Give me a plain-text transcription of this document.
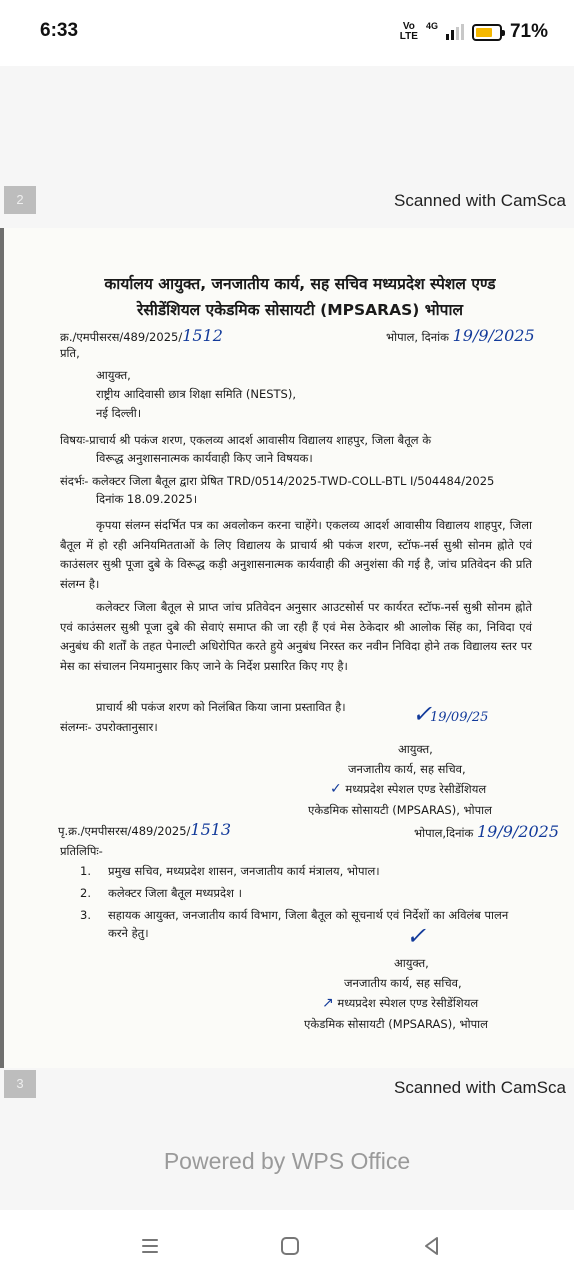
6:33	Vo
LTE
4G	71%
2	Scanned with CamSca
कार्यालय आयुक्त, जनजातीय कार्य, सह सचिव मध्यप्रदेश स्पेशल एण्ड
रेसीडेंशियल एकेडमिक सोसायटी (MPSARAS) भोपाल
क्र./एमपीसरस/489/2025/1512	भोपाल, दिनांक 19/9/2025
प्रति,
आयुक्त,
राष्ट्रीय आदिवासी छात्र शिक्षा समिति (NESTS),
नई दिल्ली।
विषयः-प्राचार्य श्री पकंज शरण, एकलव्य आदर्श आवासीय विद्यालय शाहपुर, जिला बैतूल के
विरूद्ध अनुशासनात्मक कार्यवाही किए जाने विषयक।
संदर्भः- कलेक्टर जिला बैतूल द्वारा प्रेषित TRD/0514/2025-TWD-COLL-BTL I/504484/2025
दिनांक 18.09.2025।
कृपया संलग्न संदर्भित पत्र का अवलोकन करना चाहेंगे। एकलव्य आदर्श आवासीय विद्यालय शाहपुर, जिला बैतूल में हो रही अनियमितताओं के लिए विद्यालय के प्राचार्य श्री पकंज शरण, स्टॉफ-नर्स सुश्री सोनम ह्नोते एवं काउंसलर सुश्री पूजा दुबे के विरूद्ध कड़ी अनुशासनात्मक कार्यवाही की अनुशंसा की गई है, जांच प्रतिवेदन की प्रति संलग्न है।
कलेक्टर जिला बैतूल से प्राप्त जांच प्रतिवेदन अनुसार आउटसोर्स पर कार्यरत स्टॉफ-नर्स सुश्री सोनम ह्नोते एवं काउंसलर सुश्री पूजा दुबे की सेवाएं समाप्त की जा रही हैं एवं मेस ठेकेदार श्री आलोक सिंह का, निविदा एवं अनुबंध की शर्तों के तहत पेनाल्टी अधिरोपित करते हुये अनुबंध निरस्त कर नवीन निविदा होने तक विद्यालय स्तर पर मेस का संचालन नियमानुसार किए जाने के निर्देश प्रसारित किए गए है।
प्राचार्य श्री पकंज शरण को निलंबित किया जाना प्रस्तावित है।
संलग्नः- उपरोक्तानुसार।	✓
19/09/25
आयुक्त,
जनजातीय कार्य, सह सचिव,
✓ मध्यप्रदेश स्पेशल एण्ड रेसीडेंशियल
एकेडमिक सोसायटी (MPSARAS), भोपाल
पृ.क्र./एमपीसरस/489/2025/1513	भोपाल,दिनांक 19/9/2025
प्रतिलिपिः-
1. प्रमुख सचिव, मध्यप्रदेश शासन, जनजातीय कार्य मंत्रालय, भोपाल।
2. कलेक्टर जिला बैतूल मध्यप्रदेश ।
3. सहायक आयुक्त, जनजातीय कार्य विभाग, जिला बैतूल को सूचनार्थ एवं निर्देशों का अविलंब पालन करने हेतु।	✓
आयुक्त,
जनजातीय कार्य, सह सचिव,
↗ मध्यप्रदेश स्पेशल एण्ड रेसीडेंशियल
एकेडमिक सोसायटी (MPSARAS), भोपाल
3	Scanned with CamSca
Powered by WPS Office
